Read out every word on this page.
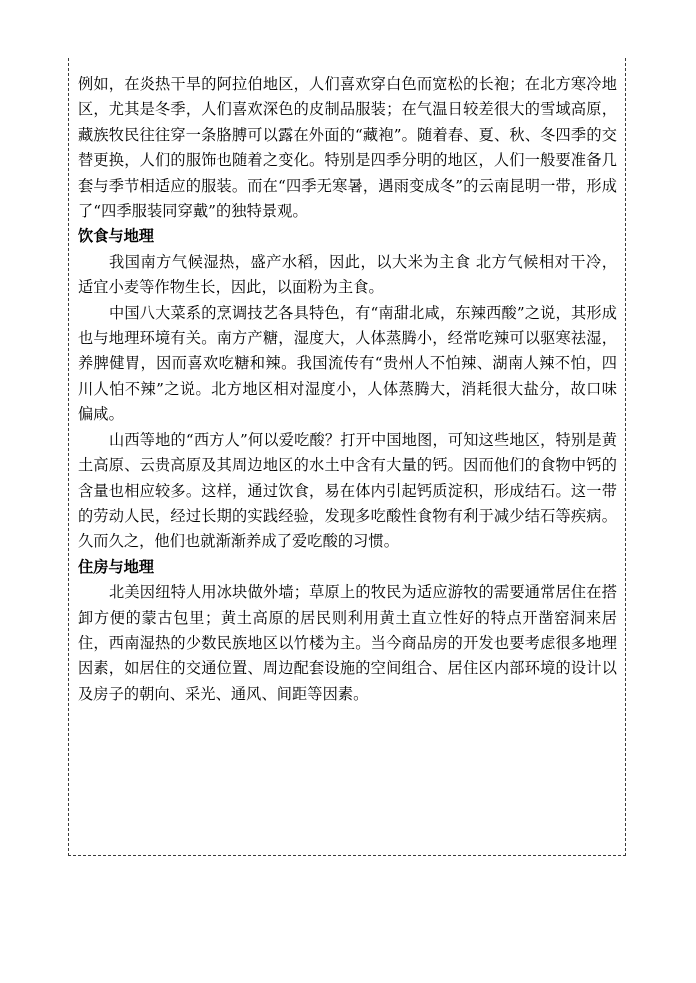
例如，在炎热干旱的阿拉伯地区，人们喜欢穿白色而宽松的长袍；在北方寒冷地区，尤其是冬季，人们喜欢深色的皮制品服装；在气温日较差很大的雪域高原，藏族牧民往往穿一条胳膊可以露在外面的“藏袍”。随着春、夏、秋、冬四季的交替更换，人们的服饰也随着之变化。特别是四季分明的地区，人们一般要准备几套与季节相适应的服装。而在“四季无寒暑，遇雨变成冬”的云南昆明一带，形成了“四季服装同穿戴”的独特景观。

饮食与地理

我国南方气候湿热，盛产水稻，因此，以大米为主食 北方气候相对干冷，适宜小麦等作物生长，因此，以面粉为主食。

中国八大菜系的烹调技艺各具特色，有“南甜北咸，东辣西酸”之说，其形成也与地理环境有关。南方产糖，湿度大，人体蒸腾小，经常吃辣可以驱寒祛湿，养脾健胃，因而喜欢吃糖和辣。我国流传有“贵州人不怕辣、湖南人辣不怕，四川人怕不辣”之说。北方地区相对湿度小，人体蒸腾大，消耗很大盐分，故口味偏咸。

山西等地的“西方人”何以爱吃酸？打开中国地图，可知这些地区，特别是黄土高原、云贵高原及其周边地区的水土中含有大量的钙。因而他们的食物中钙的含量也相应较多。这样，通过饮食，易在体内引起钙质淀积，形成结石。这一带的劳动人民，经过长期的实践经验，发现多吃酸性食物有利于减少结石等疾病。久而久之，他们也就渐渐养成了爱吃酸的习惯。

住房与地理

北美因纽特人用冰块做外墙；草原上的牧民为适应游牧的需要通常居住在搭卸方便的蒙古包里；黄土高原的居民则利用黄土直立性好的特点开凿窑洞来居住，西南湿热的少数民族地区以竹楼为主。当今商品房的开发也要考虑很多地理因素，如居住的交通位置、周边配套设施的空间组合、居住区内部环境的设计以及房子的朝向、采光、通风、间距等因素。
